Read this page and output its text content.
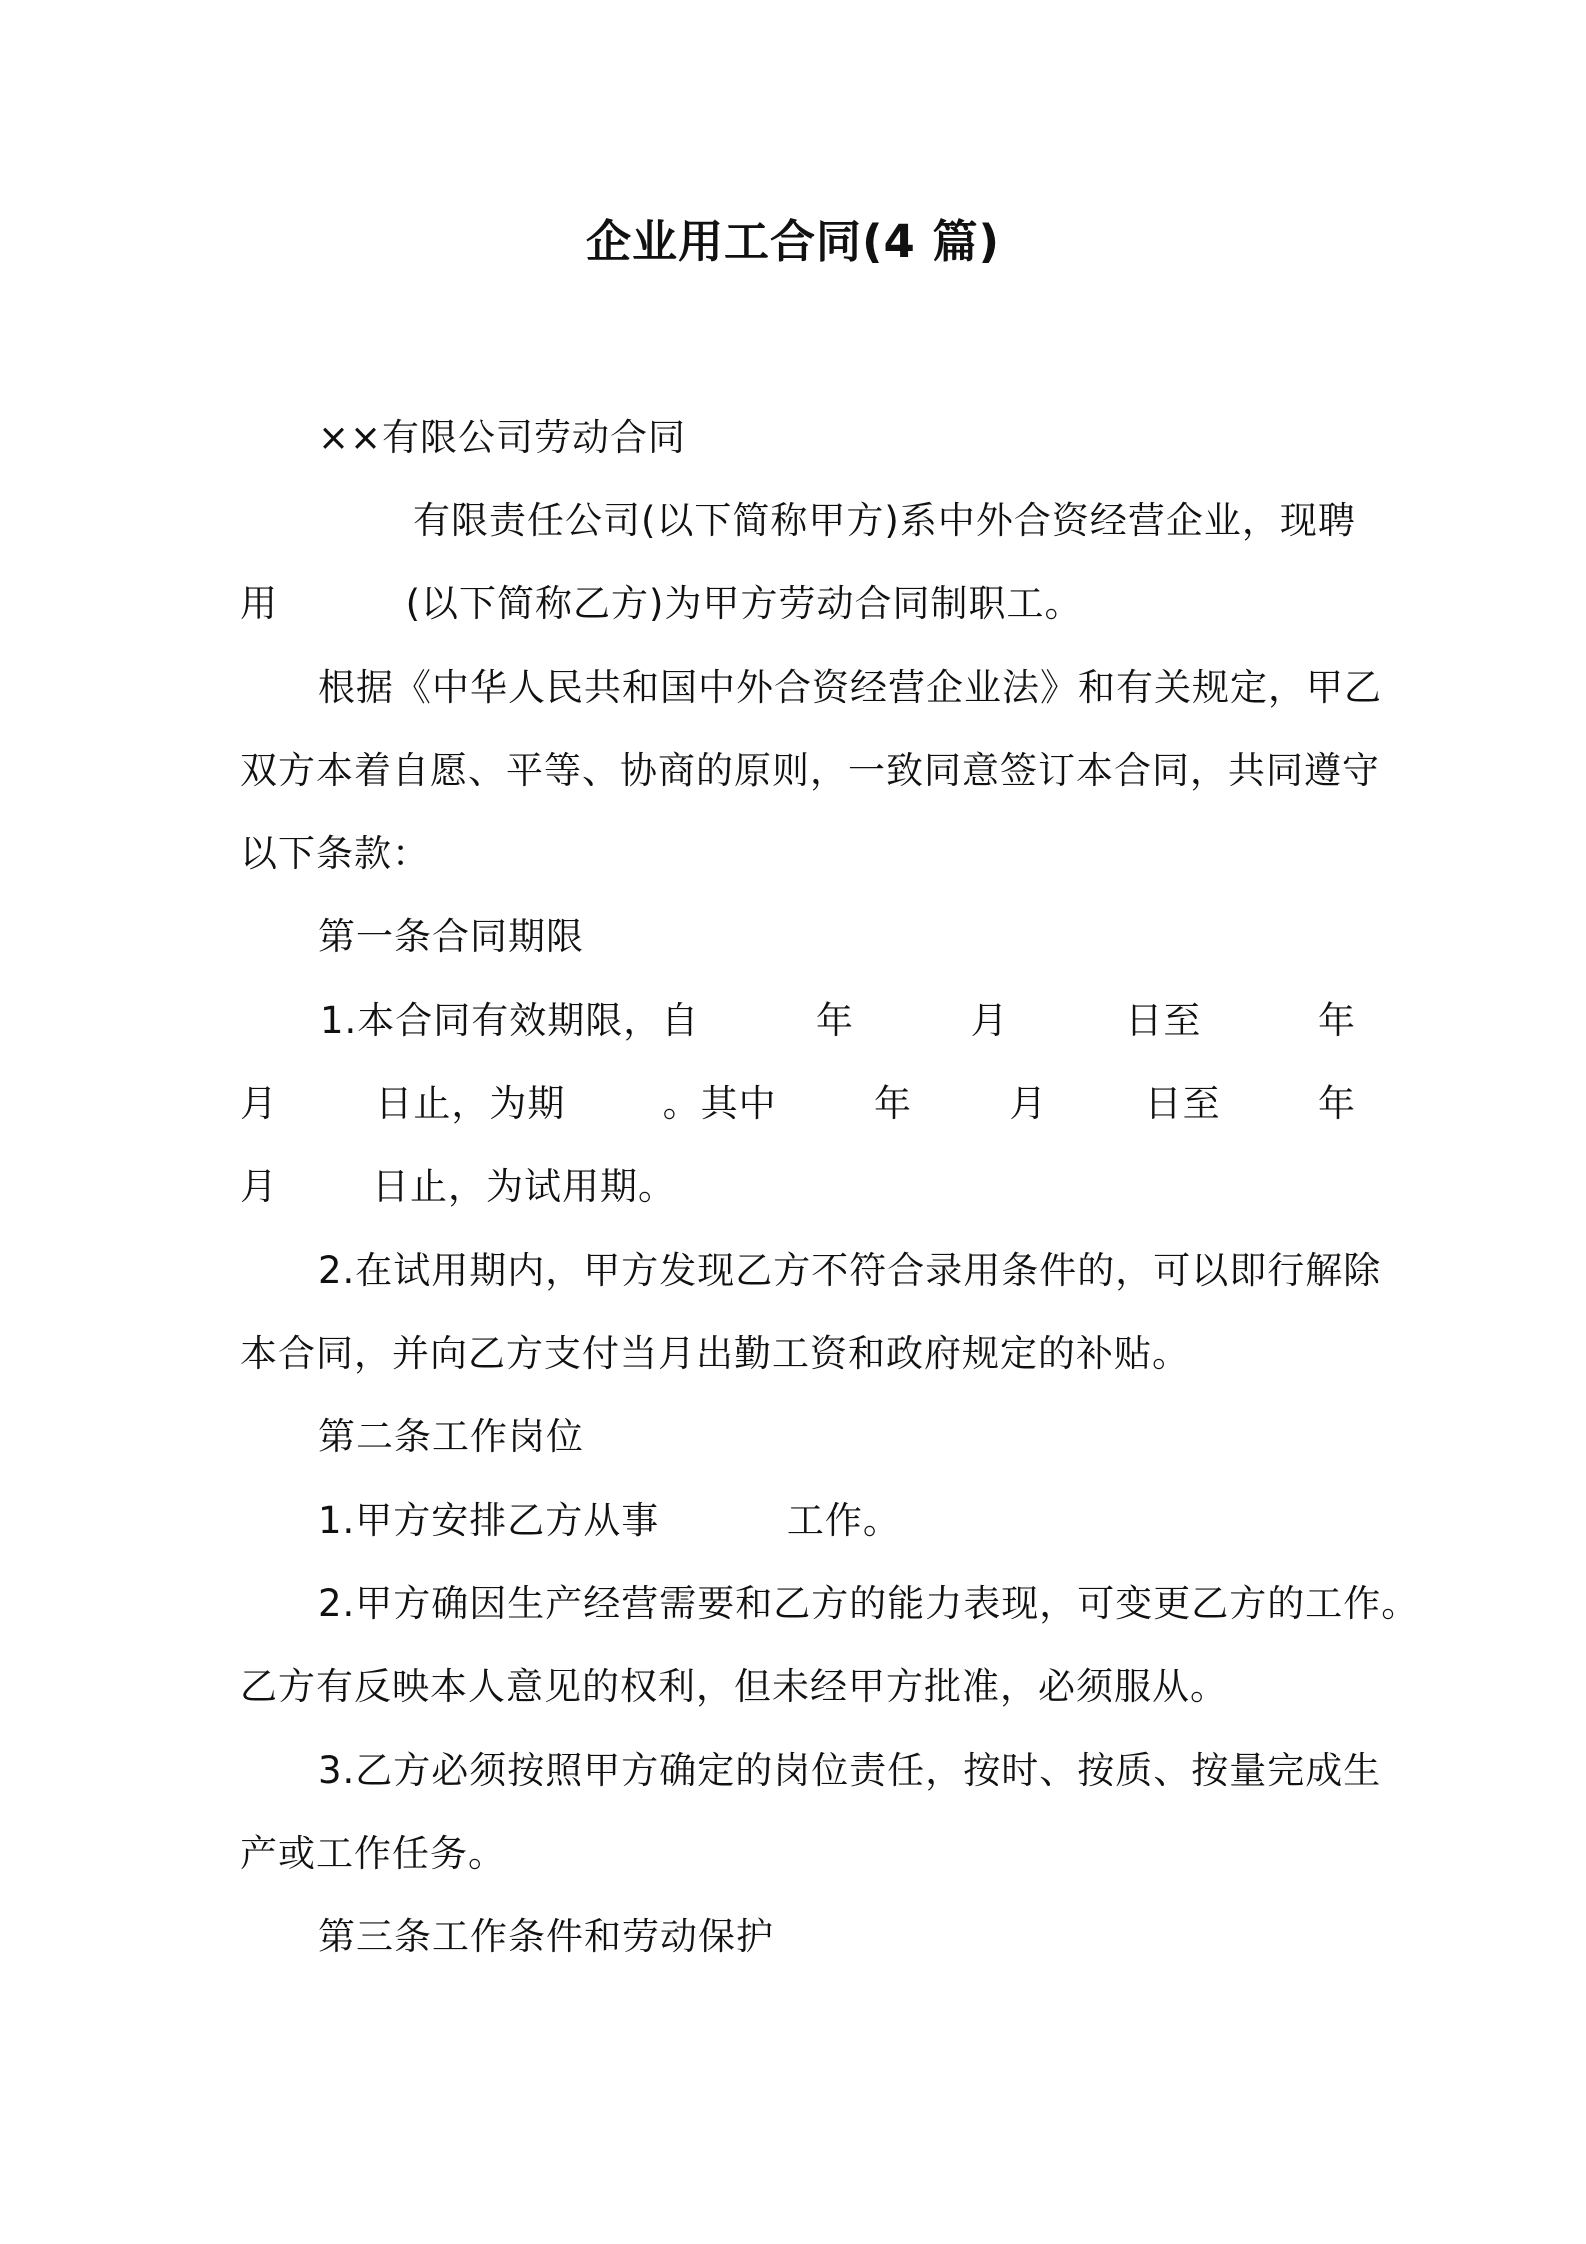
企业用工合同(4 篇)
××有限公司劳动合同
有限责任公司(以下简称甲方)系中外合资经营企业，现聘
用          (以下简称乙方)为甲方劳动合同制职工。
根据《中华人民共和国中外合资经营企业法》和有关规定，甲乙
双方本着自愿、平等、协商的原则，一致同意签订本合同，共同遵守
以下条款：
第一条合同期限
1.本合同有效期限，自	年	月	日至	年
月	日止，为期	。其中	年	月	日至	年
月	日止，为试用期。
2.在试用期内，甲方发现乙方不符合录用条件的，可以即行解除
本合同，并向乙方支付当月出勤工资和政府规定的补贴。
第二条工作岗位
1.甲方安排乙方从事          工作。
2.甲方确因生产经营需要和乙方的能力表现，可变更乙方的工作。
乙方有反映本人意见的权利，但未经甲方批准，必须服从。
3.乙方必须按照甲方确定的岗位责任，按时、按质、按量完成生
产或工作任务。
第三条工作条件和劳动保护
